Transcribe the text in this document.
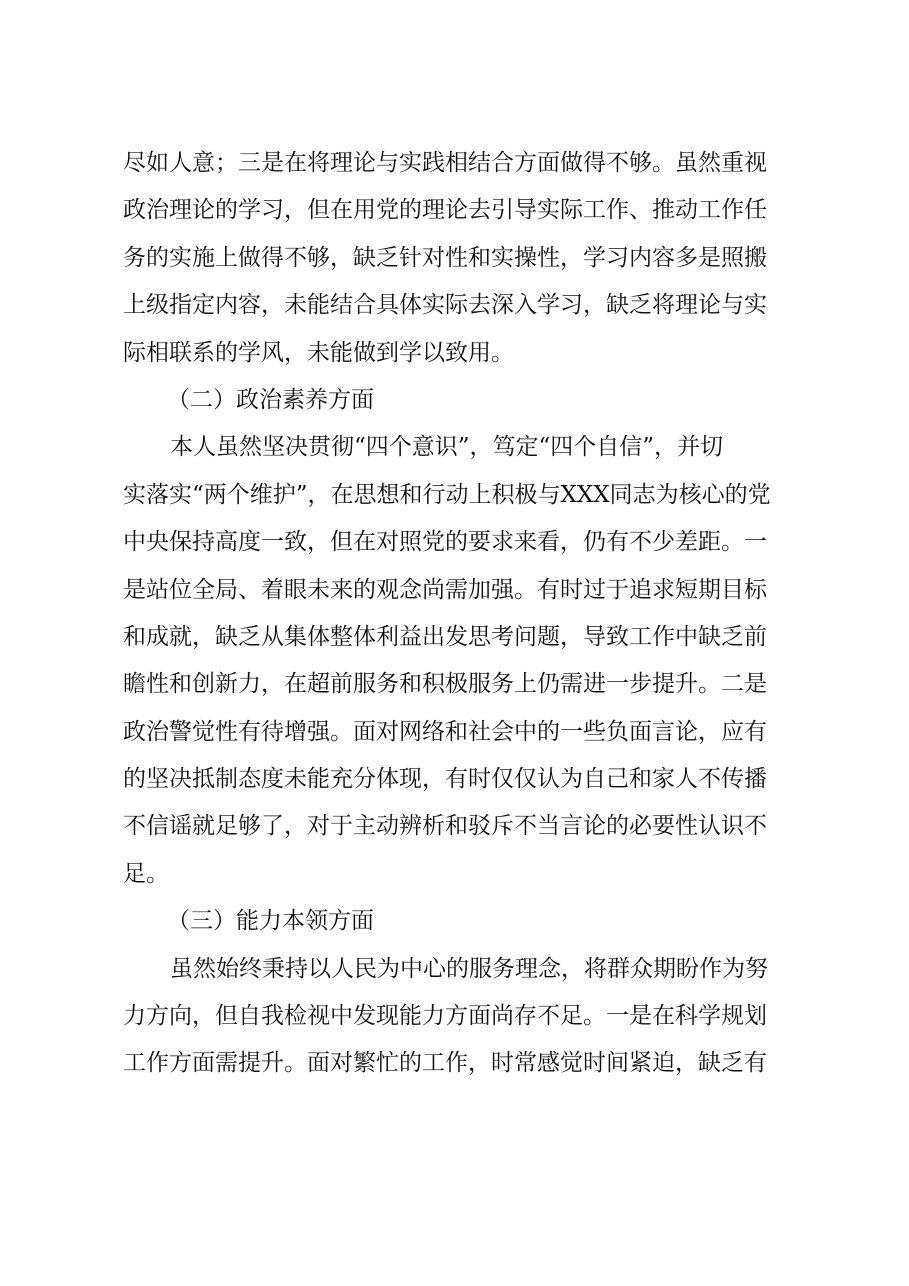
尽如人意；三是在将理论与实践相结合方面做得不够。虽然重视
政治理论的学习，但在用党的理论去引导实际工作、推动工作任
务的实施上做得不够，缺乏针对性和实操性，学习内容多是照搬
上级指定内容，未能结合具体实际去深入学习，缺乏将理论与实
际相联系的学风，未能做到学以致用。
（二）政治素养方面
本人虽然坚决贯彻“四个意识”，笃定“四个自信”，并切
实落实“两个维护”，在思想和行动上积极与XXX同志为核心的党
中央保持高度一致，但在对照党的要求来看，仍有不少差距。一
是站位全局、着眼未来的观念尚需加强。有时过于追求短期目标
和成就，缺乏从集体整体利益出发思考问题，导致工作中缺乏前
瞻性和创新力，在超前服务和积极服务上仍需进一步提升。二是
政治警觉性有待增强。面对网络和社会中的一些负面言论，应有
的坚决抵制态度未能充分体现，有时仅仅认为自己和家人不传播
不信谣就足够了，对于主动辨析和驳斥不当言论的必要性认识不
足。
（三）能力本领方面
虽然始终秉持以人民为中心的服务理念，将群众期盼作为努
力方向，但自我检视中发现能力方面尚存不足。一是在科学规划
工作方面需提升。面对繁忙的工作，时常感觉时间紧迫，缺乏有
